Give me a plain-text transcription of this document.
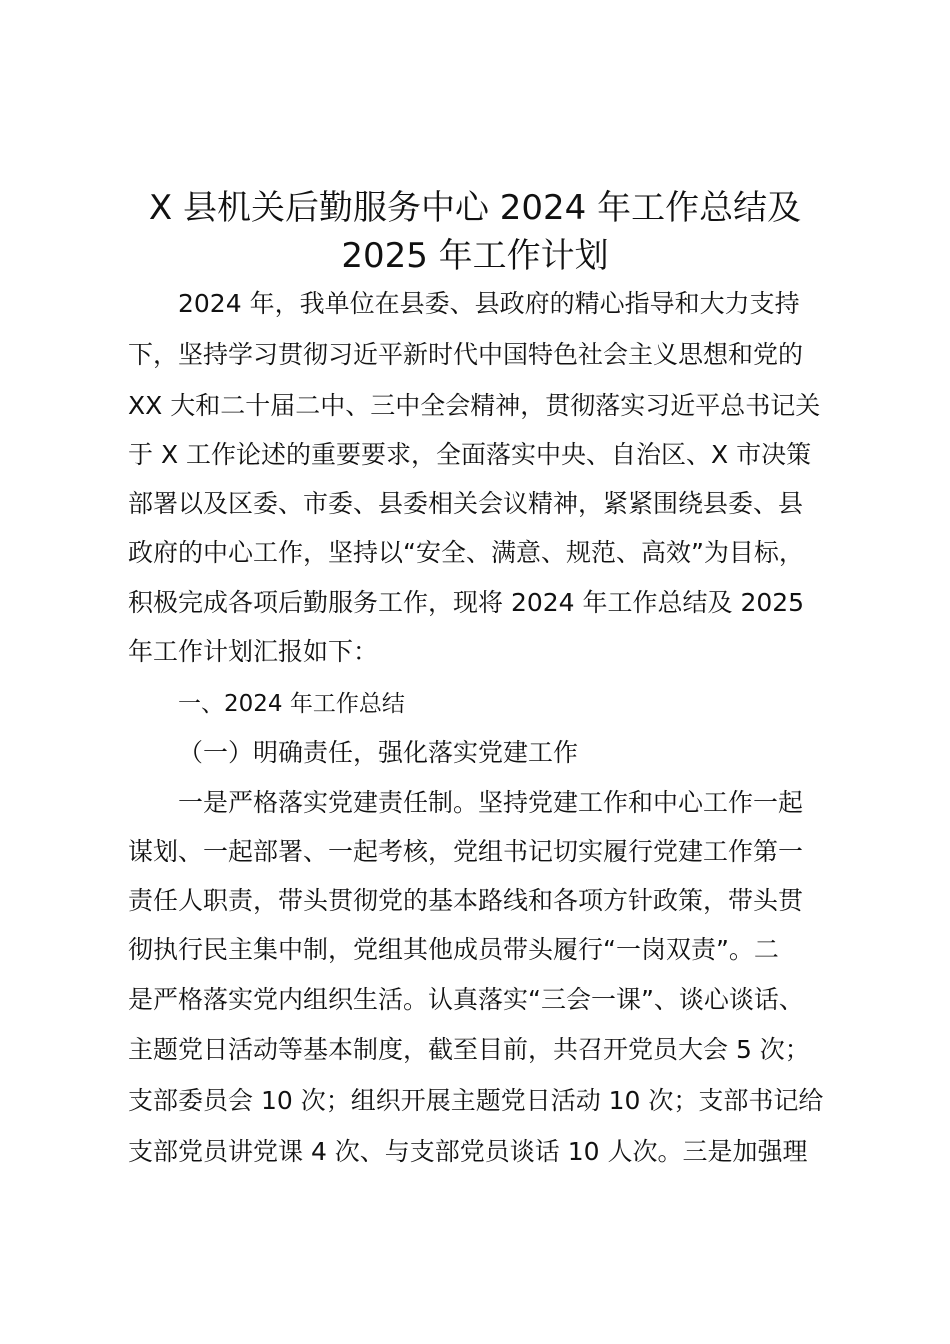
X 县机关后勤服务中心 2024 年工作总结及
2025 年工作计划
2024 年，我单位在县委、县政府的精心指导和大力支持
下，坚持学习贯彻习近平新时代中国特色社会主义思想和党的
XX 大和二十届二中、三中全会精神，贯彻落实习近平总书记关
于 X 工作论述的重要要求，全面落实中央、自治区、X 市决策
部署以及区委、市委、县委相关会议精神，紧紧围绕县委、县
政府的中心工作，坚持以“安全、满意、规范、高效”为目标，
积极完成各项后勤服务工作，现将 2024 年工作总结及 2025
年工作计划汇报如下：
一、2024 年工作总结
（一）明确责任，强化落实党建工作
一是严格落实党建责任制。坚持党建工作和中心工作一起
谋划、一起部署、一起考核，党组书记切实履行党建工作第一
责任人职责，带头贯彻党的基本路线和各项方针政策，带头贯
彻执行民主集中制，党组其他成员带头履行“一岗双责”。二
是严格落实党内组织生活。认真落实“三会一课”、谈心谈话、
主题党日活动等基本制度，截至目前，共召开党员大会 5 次；
支部委员会 10 次；组织开展主题党日活动 10 次；支部书记给
支部党员讲党课 4 次、与支部党员谈话 10 人次。三是加强理
